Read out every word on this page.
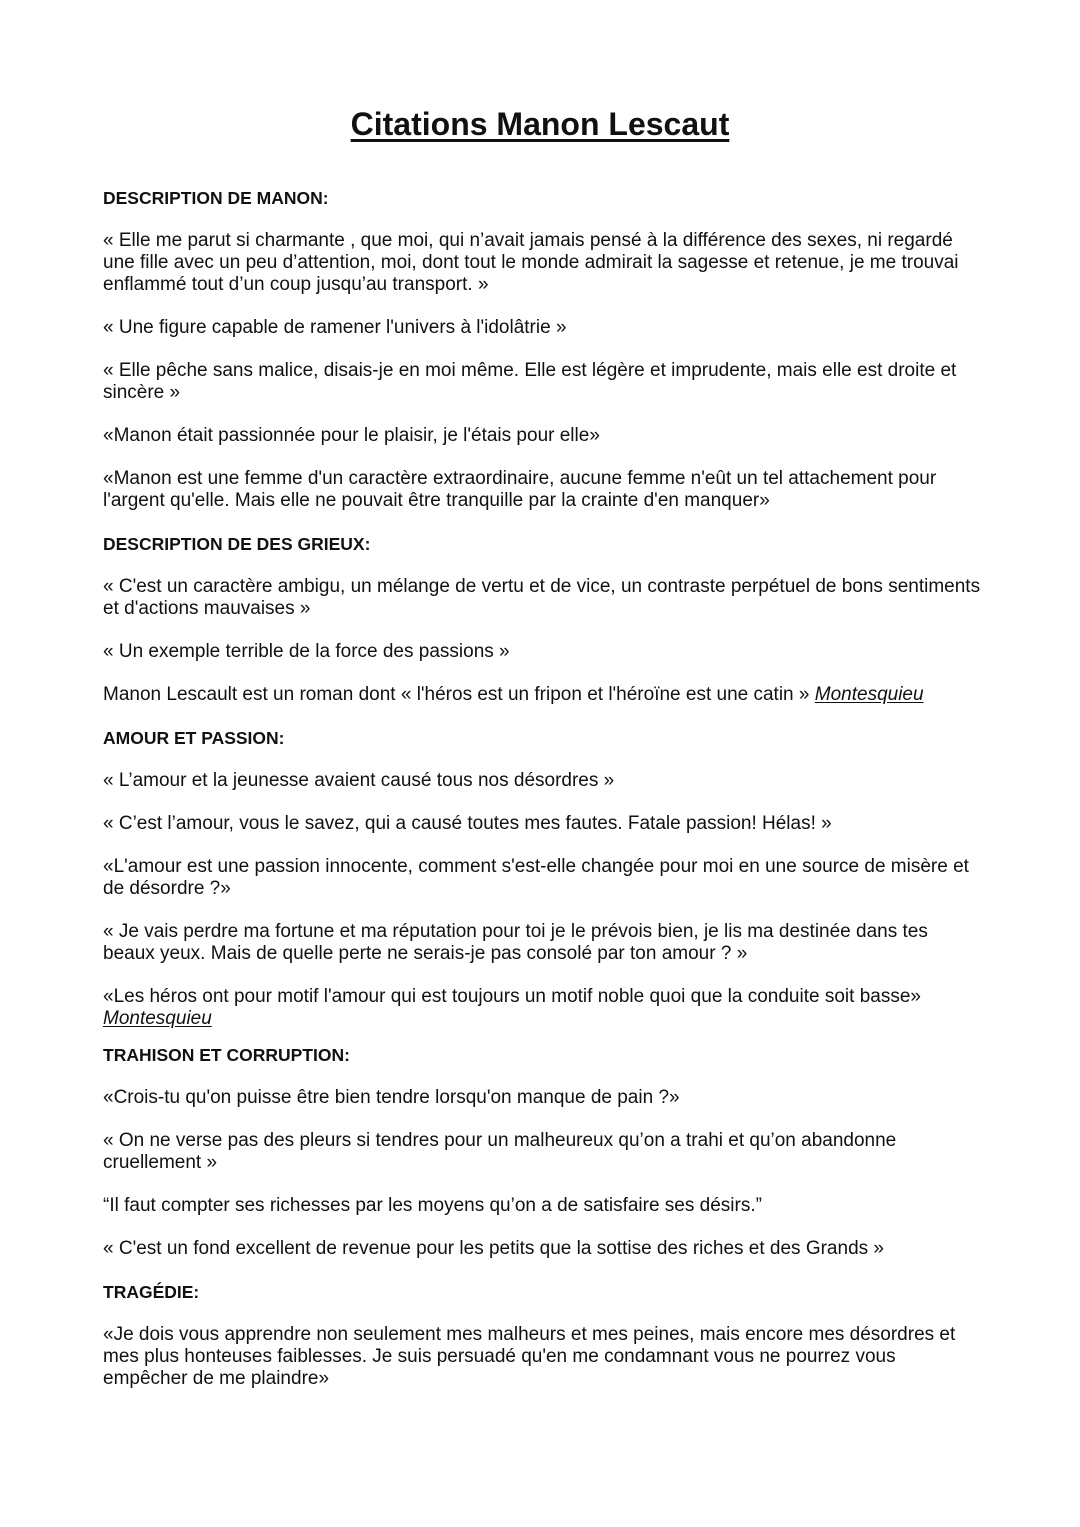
Citations Manon Lescaut

DESCRIPTION DE MANON:

« Elle me parut si charmante , que moi, qui n’avait jamais pensé à la différence des sexes, ni regardé une fille avec un peu d’attention, moi, dont tout le monde admirait la sagesse et retenue, je me trouvai enflammé tout d’un coup jusqu’au transport. »

« Une figure capable de ramener l'univers à l'idolâtrie »

« Elle pêche sans malice, disais-je en moi même. Elle est légère et imprudente, mais elle est droite et sincère »

«Manon était passionnée pour le plaisir, je l'étais pour elle»

«Manon est une femme d'un caractère extraordinaire, aucune femme n'eût un tel attachement pour l'argent qu'elle. Mais elle ne pouvait être tranquille par la crainte d'en manquer»

DESCRIPTION DE DES GRIEUX:

« C'est un caractère ambigu, un mélange de vertu et de vice, un contraste perpétuel de bons sentiments et d'actions mauvaises »

« Un exemple terrible de la force des passions »

Manon Lescault est un roman dont « l'héros est un fripon et l'héroïne est une catin » Montesquieu

AMOUR ET PASSION:

« L’amour et la jeunesse avaient causé tous nos désordres »

« C’est l’amour, vous le savez, qui a causé toutes mes fautes. Fatale passion! Hélas! »

«L'amour est une passion innocente, comment s'est-elle changée pour moi en une source de misère et de désordre ?»

« Je vais perdre ma fortune et ma réputation pour toi je le prévois bien, je lis ma destinée dans tes beaux yeux. Mais de quelle perte ne serais-je pas consolé par ton amour ? »

«Les héros ont pour motif l'amour qui est toujours un motif noble quoi que la conduite soit basse»
Montesquieu

TRAHISON ET CORRUPTION:

«Crois-tu qu'on puisse être bien tendre lorsqu'on manque de pain ?»

« On ne verse pas des pleurs si tendres pour un malheureux qu’on a trahi et qu’on abandonne cruellement »

“Il faut compter ses richesses par les moyens qu’on a de satisfaire ses désirs.”

« C'est un fond excellent de revenue pour les petits que la sottise des riches et des Grands »

TRAGÉDIE:

«Je dois vous apprendre non seulement mes malheurs et mes peines, mais encore mes désordres et mes plus honteuses faiblesses. Je suis persuadé qu'en me condamnant vous ne pourrez vous empêcher de me plaindre»
